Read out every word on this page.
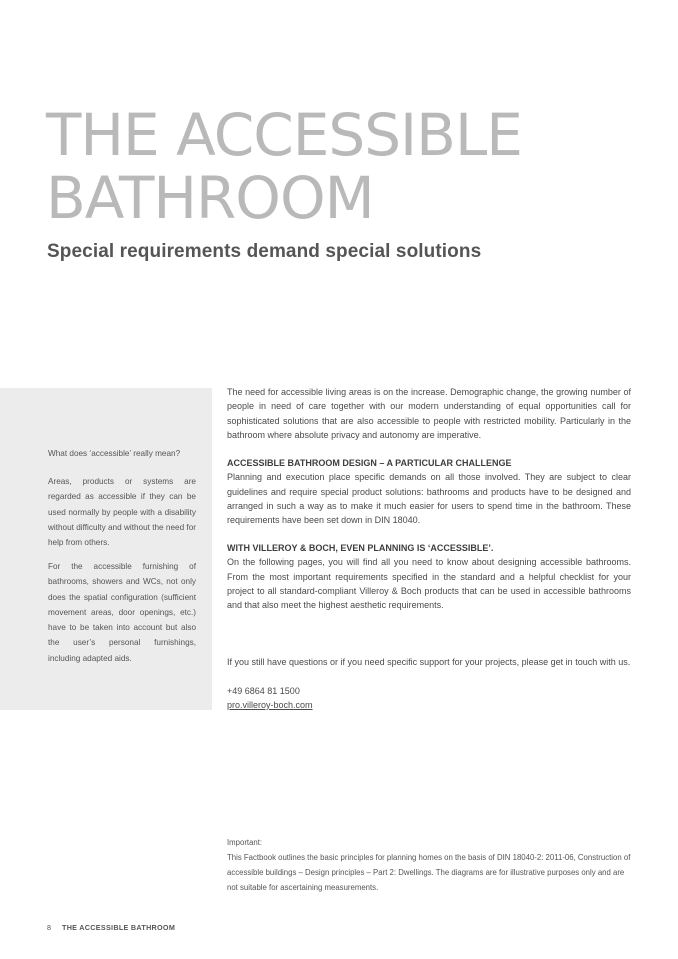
THE ACCESSIBLE
BATHROOM
Special requirements demand special solutions

What does ‘accessible’ really mean?

Areas, products or systems are regarded as accessible if they can be used normally by people with a disability without difficulty and without the need for help from others.

For the accessible furnishing of bathrooms, showers and WCs, not only does the spatial configuration (sufficient movement areas, door openings, etc.) have to be taken into account but also the user’s personal furnishings, including adapted aids.

The need for accessible living areas is on the increase. Demographic change, the growing number of people in need of care together with our modern understanding of equal opportunities call for sophisticated solutions that are also accessible to people with restricted mobility. Particularly in the bathroom where absolute privacy and autonomy are imperative.

ACCESSIBLE BATHROOM DESIGN – A PARTICULAR CHALLENGE

Planning and execution place specific demands on all those involved. They are subject to clear guidelines and require special product solutions: bathrooms and products have to be designed and arranged in such a way as to make it much easier for users to spend time in the bathroom. These requirements have been set down in DIN 18040.

WITH VILLEROY & BOCH, EVEN PLANNING IS ‘ACCESSIBLE’.

On the following pages, you will find all you need to know about designing accessible bathrooms. From the most important requirements specified in the standard and a helpful checklist for your project to all standard-compliant Villeroy & Boch products that can be used in accessible bathrooms and that also meet the highest aesthetic requirements.

If you still have questions or if you need specific support for your projects, please get in touch with us.
+49 6864 81 1500
pro.villeroy-boch.com

Important:

This Factbook outlines the basic principles for planning homes on the basis of DIN 18040-2: 2011-06, Construction of accessible buildings – Design principles – Part 2: Dwellings. The diagrams are for illustrative purposes only and are not suitable for ascertaining measurements.

8 THE ACCESSIBLE BATHROOM
